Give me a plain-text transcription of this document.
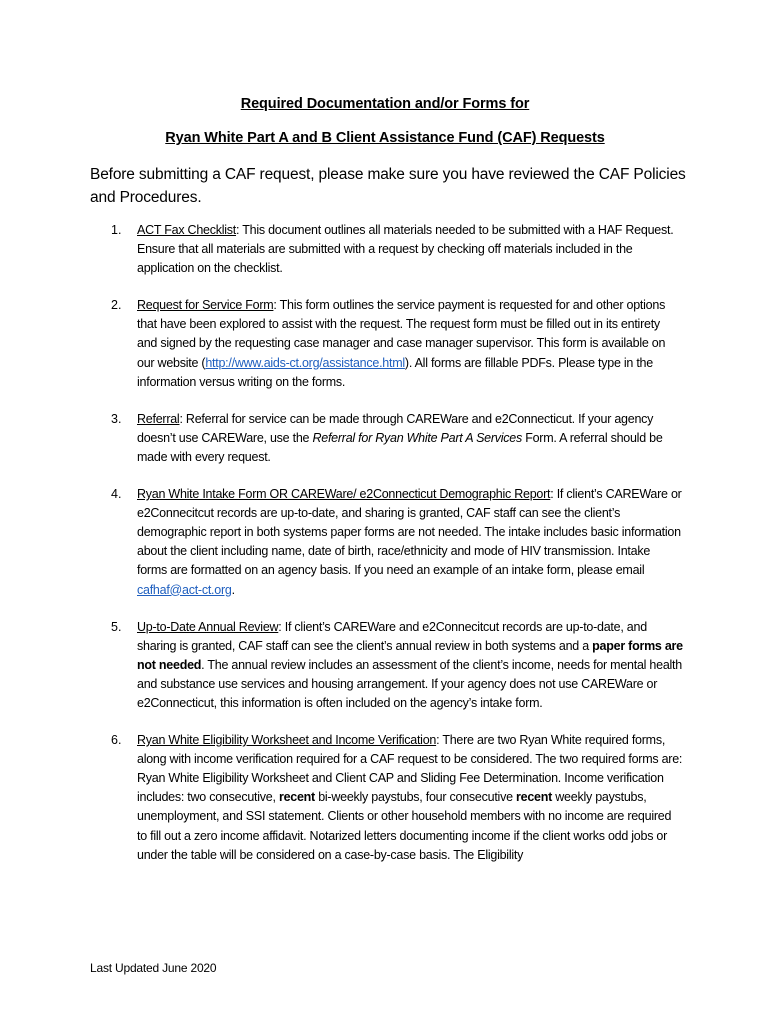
Required Documentation and/or Forms for
Ryan White Part A and B Client Assistance Fund (CAF) Requests
Before submitting a CAF request, please make sure you have reviewed the CAF Policies and Procedures.
1. ACT Fax Checklist: This document outlines all materials needed to be submitted with a HAF Request. Ensure that all materials are submitted with a request by checking off materials included in the application on the checklist.
2. Request for Service Form: This form outlines the service payment is requested for and other options that have been explored to assist with the request. The request form must be filled out in its entirety and signed by the requesting case manager and case manager supervisor. This form is available on our website (http://www.aids-ct.org/assistance.html). All forms are fillable PDFs. Please type in the information versus writing on the forms.
3. Referral: Referral for service can be made through CAREWare and e2Connecticut. If your agency doesn’t use CAREWare, use the Referral for Ryan White Part A Services Form. A referral should be made with every request.
4. Ryan White Intake Form OR CAREWare/ e2Connecticut Demographic Report: If client’s CAREWare or e2Connecitcut records are up-to-date, and sharing is granted, CAF staff can see the client’s demographic report in both systems paper forms are not needed. The intake includes basic information about the client including name, date of birth, race/ethnicity and mode of HIV transmission. Intake forms are formatted on an agency basis. If you need an example of an intake form, please email cafhaf@act-ct.org.
5. Up-to-Date Annual Review: If client’s CAREWare and e2Connecitcut records are up-to-date, and sharing is granted, CAF staff can see the client’s annual review in both systems and a paper forms are not needed. The annual review includes an assessment of the client’s income, needs for mental health and substance use services and housing arrangement. If your agency does not use CAREWare or e2Connecticut, this information is often included on the agency’s intake form.
6. Ryan White Eligibility Worksheet and Income Verification: There are two Ryan White required forms, along with income verification required for a CAF request to be considered. The two required forms are: Ryan White Eligibility Worksheet and Client CAP and Sliding Fee Determination. Income verification includes: two consecutive, recent bi-weekly paystubs, four consecutive recent weekly paystubs, unemployment, and SSI statement. Clients or other household members with no income are required to fill out a zero income affidavit. Notarized letters documenting income if the client works odd jobs or under the table will be considered on a case-by-case basis. The Eligibility
Last Updated June 2020
